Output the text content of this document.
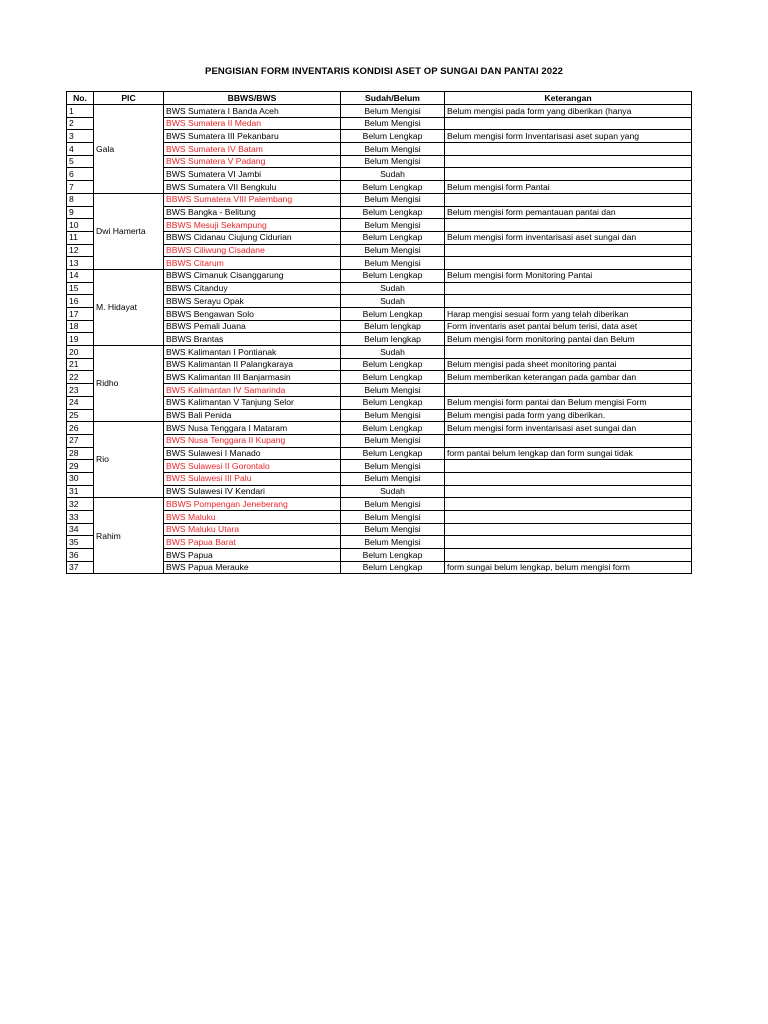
PENGISIAN FORM INVENTARIS KONDISI ASET OP SUNGAI DAN PANTAI 2022
No.	PIC	BBWS/BWS	Sudah/Belum	Keterangan
1	Gala	BWS Sumatera I Banda Aceh	Belum Mengisi	Belum mengisi pada form yang diberikan (hanya
2		BWS Sumatera II Medan	Belum Mengisi	
3		BWS Sumatera III Pekanbaru	Belum Lengkap	Belum mengisi form Inventarisasi aset supan yang
4		BWS Sumatera IV Batam	Belum Mengisi	
5		BWS Sumatera V Padang	Belum Mengisi	
6		BWS Sumatera VI Jambi	Sudah	
7		BWS Sumatera VII Bengkulu	Belum Lengkap	Belum mengisi form Pantai
8	Dwi Hamerta	BBWS Sumatera VIII Palembang	Belum Mengisi	
9		BWS Bangka - Belitung	Belum Lengkap	Belum mengisi form pemantauan pantai dan
10		BBWS Mesuji Sekampung	Belum Mengisi	
11		BBWS Cidanau Ciujung Cidurian	Belum Lengkap	Belum mengisi form inventarisasi aset sungai dan
12		BBWS Ciliwung Cisadane	Belum Mengisi	
13		BBWS Citarum	Belum Mengisi	
14	M. Hidayat	BBWS Cimanuk Cisanggarung	Belum Lengkap	Belum mengisi form Monitoring Pantai
15		BBWS Citanduy	Sudah	
16		BBWS Serayu Opak	Sudah	
17		BBWS Bengawan Solo	Belum Lengkap	Harap mengisi sesuai form yang telah diberikan
18		BBWS Pemali Juana	Belum lengkap	Form inventaris aset pantai belum terisi, data aset
19		BBWS Brantas	Belum lengkap	Belum mengisi form monitoring pantai dan Belum
20	Ridho	BWS Kalimantan I Pontianak	Sudah	
21		BWS Kalimantan II Palangkaraya	Belum Lengkap	Belum mengisi pada sheet monitoring pantai
22		BWS Kalimantan III Banjarmasin	Belum Lengkap	Belum memberikan keterangan pada gambar dan
23		BWS Kalimantan IV Samarinda	Belum Mengisi	
24		BWS Kalimantan V Tanjung Selor	Belum Lengkap	Belum mengisi form pantai dan Belum mengisi Form
25		BWS Bali Penida	Belum Mengisi	Belum mengisi pada form yang diberikan.
26	Rio	BWS Nusa Tenggara I Mataram	Belum Lengkap	Belum mengisi form inventarisasi aset sungai dan
27		BWS Nusa Tenggara II Kupang	Belum Mengisi	
28		BWS Sulawesi I Manado	Belum Lengkap	form pantai belum lengkap dan form sungai tidak
29		BWS Sulawesi II Gorontalo	Belum Mengisi	
30		BWS Sulawesi III Palu	Belum Mengisi	
31		BWS Sulawesi IV Kendari	Sudah	
32	Rahim	BBWS Pompengan Jeneberang	Belum Mengisi	
33		BWS Maluku	Belum Mengisi	
34		BWS Maluku Utara	Belum Mengisi	
35		BWS Papua Barat	Belum Mengisi	
36		BWS Papua	Belum Lengkap	
37		BWS Papua Merauke	Belum Lengkap	form sungai belum lengkap, belum mengisi form
